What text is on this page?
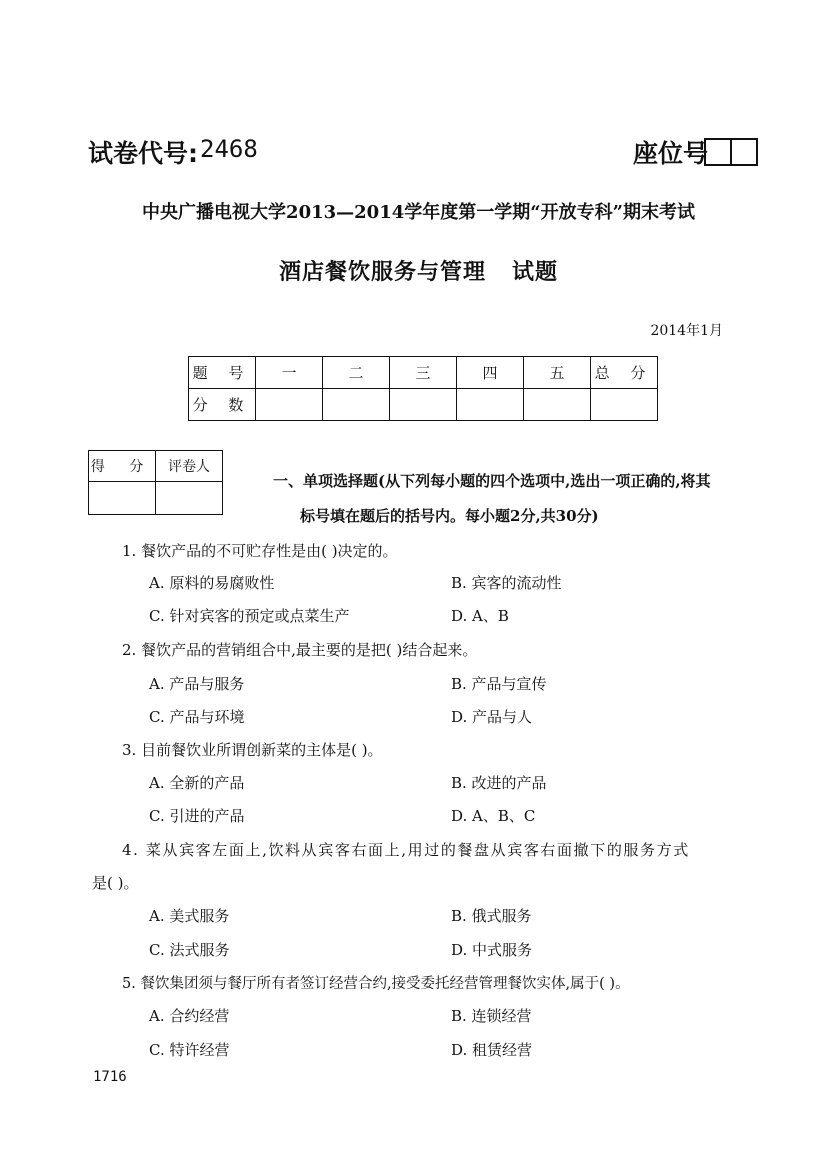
试卷代号: 2468	座位号
中央广播电视大学2013—2014学年度第一学期“开放专科”期末考试
酒店餐饮服务与管理   试题
2014年1月
题 号	一	二	三	四	五	总 分
分 数						
得 分	评卷人

一、单项选择题(从下列每小题的四个选项中,选出一项正确的,将其
标号填在题后的括号内。每小题2分,共30分)
1. 餐饮产品的不可贮存性是由( )决定的。
A. 原料的易腐败性	B. 宾客的流动性
C. 针对宾客的预定或点菜生产	D. A、B
2. 餐饮产品的营销组合中,最主要的是把( )结合起来。
A. 产品与服务	B. 产品与宣传
C. 产品与环境	D. 产品与人
3. 目前餐饮业所谓创新菜的主体是( )。
A. 全新的产品	B. 改进的产品
C. 引进的产品	D. A、B、C
4. 菜从宾客左面上,饮料从宾客右面上,用过的餐盘从宾客右面撤下的服务方式
是( )。
A. 美式服务	B. 俄式服务
C. 法式服务	D. 中式服务
5. 餐饮集团须与餐厅所有者签订经营合约,接受委托经营管理餐饮实体,属于( )。
A. 合约经营	B. 连锁经营
C. 特许经营	D. 租赁经营
1716
